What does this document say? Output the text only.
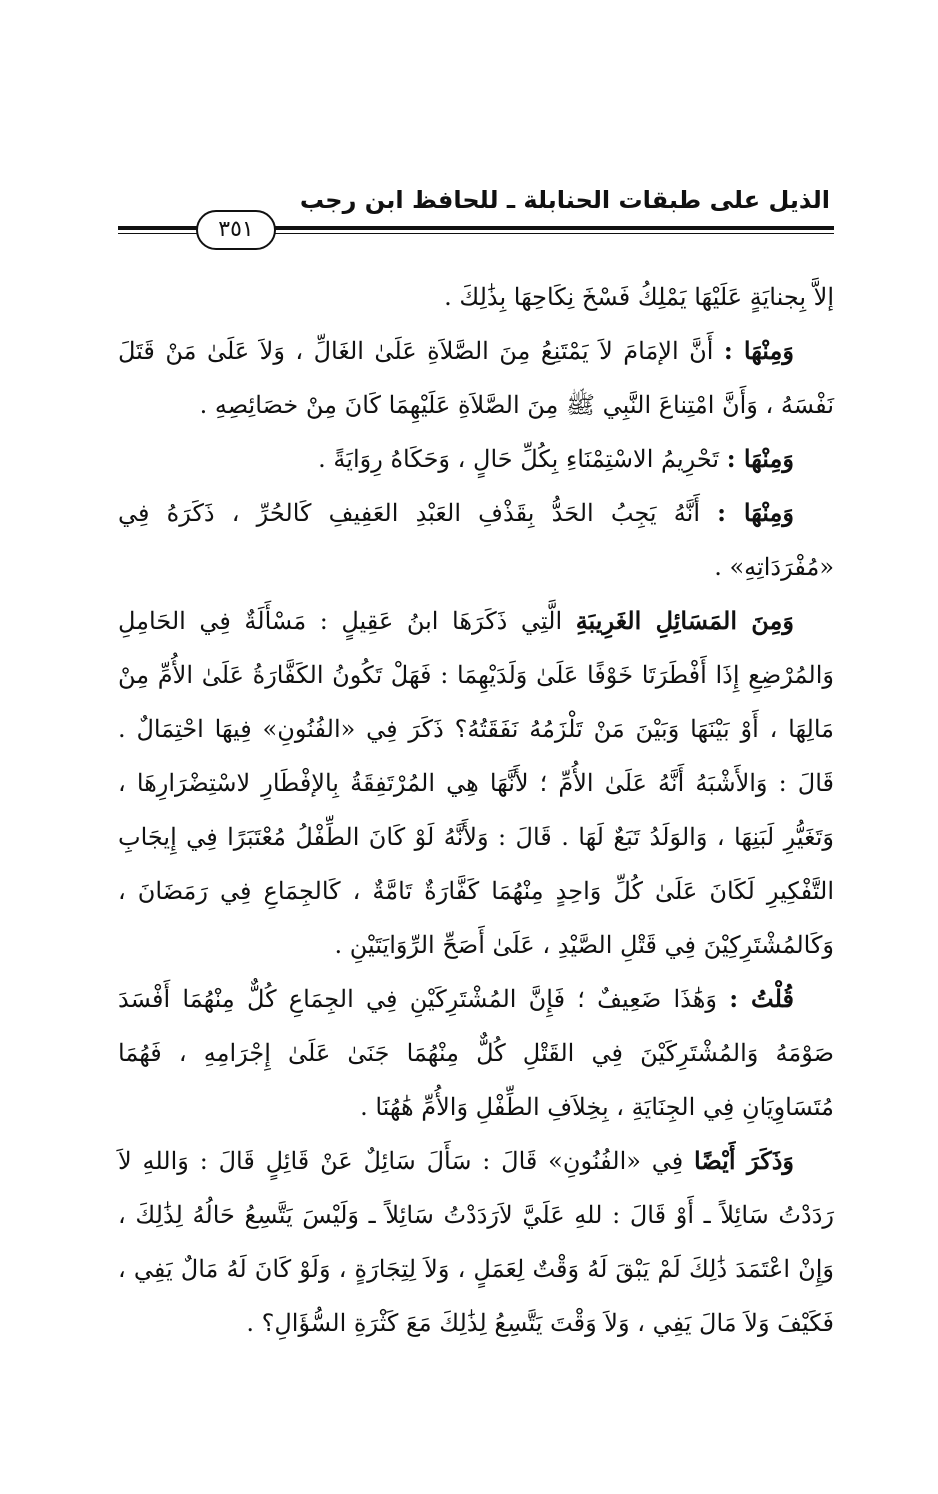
الذيل على طبقات الحنابلة ـ للحافظ ابن رجب
٣٥١

إلاَّ بِجنايَةٍ عَلَيْهَا يَمْلِكُ فَسْخَ نِكَاحِهَا بِذَٰلِكَ .

وَمِنْهَا : أَنَّ الإمَامَ لاَ يَمْتَنِعُ مِنَ الصَّلاَةِ عَلَىٰ الغَالِّ ، وَلاَ عَلَىٰ مَنْ قَتَلَ نَفْسَهُ ، وَأَنَّ امْتِناعَ النَّبِي ﷺ مِنَ الصَّلاَةِ عَلَيْهِمَا كَانَ مِنْ خصَائِصِهِ .

وَمِنْهَا : تَحْرِيمُ الاسْتِمْنَاءِ بِكُلِّ حَالٍ ، وَحَكَاهُ رِوَايَةً .

وَمِنْهَا : أَنَّهُ يَجِبُ الحَدُّ بِقَذْفِ العَبْدِ العَفِيفِ كَالحُرِّ ، ذَكَرَهُ فِي «مُفْرَدَاتِهِ» .

وَمِنَ المَسَائِلِ الغَرِيبَةِ الَّتِي ذَكَرَهَا ابنُ عَقِيلٍ : مَسْأَلَةٌ فِي الحَامِلِ وَالمُرْضِعِ إِذَا أَفْطَرَتَا خَوْفًا عَلَىٰ وَلَدَيْهِمَا : فَهَلْ تَكُونُ الكَفَّارَةُ عَلَىٰ الأُمِّ مِنْ مَالِهَا ، أَوْ بَيْنَهَا وَبَيْنَ مَنْ تَلْزَمُهُ نَفَقَتُهُ؟ ذَكَرَ فِي «الفُنُونِ» فِيهَا احْتِمَالٌ . قَالَ : وَالأَشْبَهُ أَنَّهُ عَلَىٰ الأُمِّ ؛ لأَنَّهَا هِي المُرْتَفِقَةُ بِالإفْطَارِ لاسْتِضْرَارِهَا ، وَتَغَيُّرِ لَبَنِهَا ، وَالوَلَدُ تَبَعٌ لَهَا . قَالَ : وَلأَنَّهُ لَوْ كَانَ الطِّفْلُ مُعْتَبَرًا فِي إِيجَابِ التَّفْكِيرِ لَكَانَ عَلَىٰ كُلِّ وَاحِدٍ مِنْهُمَا كَفَّارَةٌ تَامَّةٌ ، كَالجِمَاعِ فِي رَمَضَانَ ، وَكَالمُشْتَرِكِيْنَ فِي قَتْلِ الصَّيْدِ ، عَلَىٰ أَصَحِّ الرِّوَايَتَيْنِ .

قُلْتُ : وَهَٰذَا ضَعِيفٌ ؛ فَإِنَّ المُشْتَرِكَيْنِ فِي الجِمَاعِ كُلٌّ مِنْهُمَا أَفْسَدَ صَوْمَهُ وَالمُشْتَرِكَيْنَ فِي القَتْلِ كُلٌّ مِنْهُمَا جَنَىٰ عَلَىٰ إِجْرَامِهِ ، فَهُمَا مُتَسَاوِيَانِ فِي الجِنَايَةِ ، بِخِلاَفِ الطِّفْلِ وَالأُمِّ هَٰهُنَا .

وَذَكَرَ أَيْضًا فِي «الفُنُونِ» قَالَ : سَأَلَ سَائِلٌ عَنْ قَائِلٍ قَالَ : وَاللهِ لاَ رَدَدْتُ سَائِلاً ـ أَوْ قَالَ : للهِ عَلَيَّ لاَرَدَدْتُ سَائِلاً ـ وَلَيْسَ يَتَّسِعُ حَالُهُ لِذَٰلِكَ ، وَإِنْ اعْتَمَدَ ذَٰلِكَ لَمْ يَبْقَ لَهُ وَقْتٌ لِعَمَلٍ ، وَلاَ لِتِجَارَةٍ ، وَلَوْ كَانَ لَهُ مَالٌ يَفِي ، فَكَيْفَ وَلاَ مَالَ يَفِي ، وَلاَ وَقْتَ يَتَّسِعُ لِذَٰلِكَ مَعَ كَثْرَةِ السُّؤَالِ؟ .
